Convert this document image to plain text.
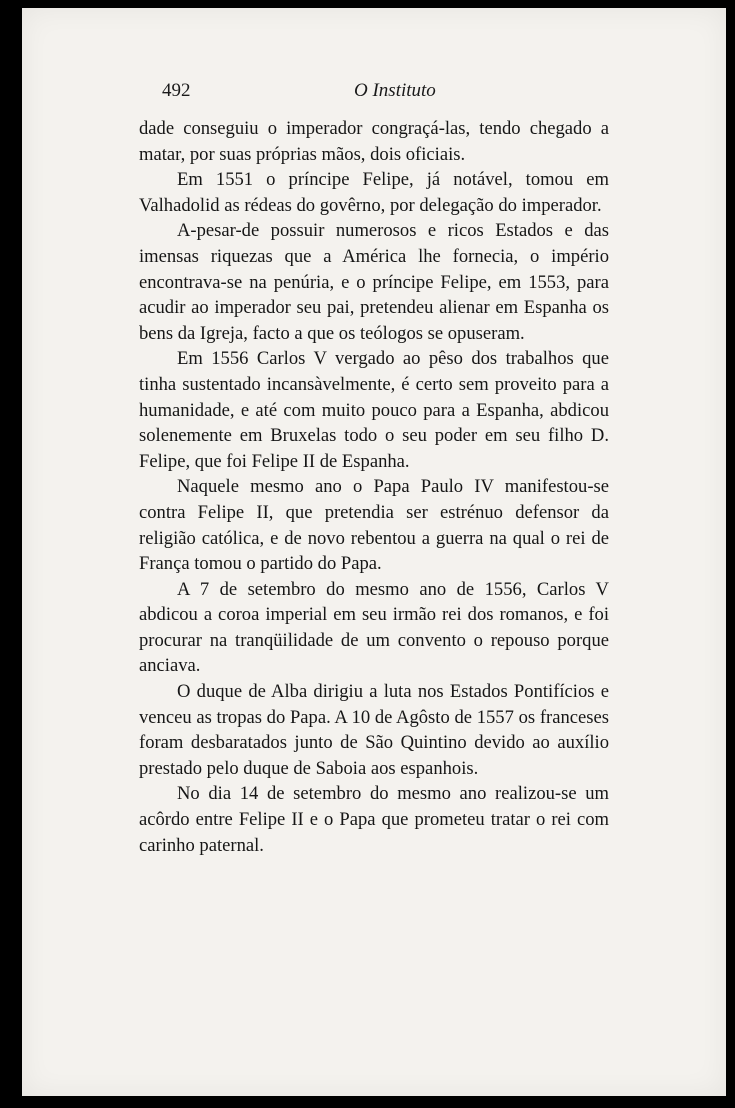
492	O Instituto

dade conseguiu o imperador congraçá-las, tendo chegado a matar, por suas próprias mãos, dois oficiais.

Em 1551 o príncipe Felipe, já notável, tomou em Valhadolid as rédeas do govêrno, por delegação do imperador.

A-pesar-de possuir numerosos e ricos Estados e das imensas riquezas que a América lhe fornecia, o império encontrava-se na penúria, e o príncipe Felipe, em 1553, para acudir ao imperador seu pai, pretendeu alienar em Espanha os bens da Igreja, facto a que os teólogos se opuseram.

Em 1556 Carlos V vergado ao pêso dos trabalhos que tinha sustentado incansàvelmente, é certo sem proveito para a humanidade, e até com muito pouco para a Espanha, abdicou solenemente em Bruxelas todo o seu poder em seu filho D. Felipe, que foi Felipe II de Espanha.

Naquele mesmo ano o Papa Paulo IV manifestou-se contra Felipe II, que pretendia ser estrénuo defensor da religião católica, e de novo rebentou a guerra na qual o rei de França tomou o partido do Papa.

A 7 de setembro do mesmo ano de 1556, Carlos V abdicou a coroa imperial em seu irmão rei dos romanos, e foi procurar na tranqüilidade de um convento o repouso porque anciava.

O duque de Alba dirigiu a luta nos Estados Pontifícios e venceu as tropas do Papa. A 10 de Agôsto de 1557 os franceses foram desbaratados junto de São Quintino devido ao auxílio prestado pelo duque de Saboia aos espanhois.

No dia 14 de setembro do mesmo ano realizou-se um acôrdo entre Felipe II e o Papa que prometeu tratar o rei com carinho paternal.
